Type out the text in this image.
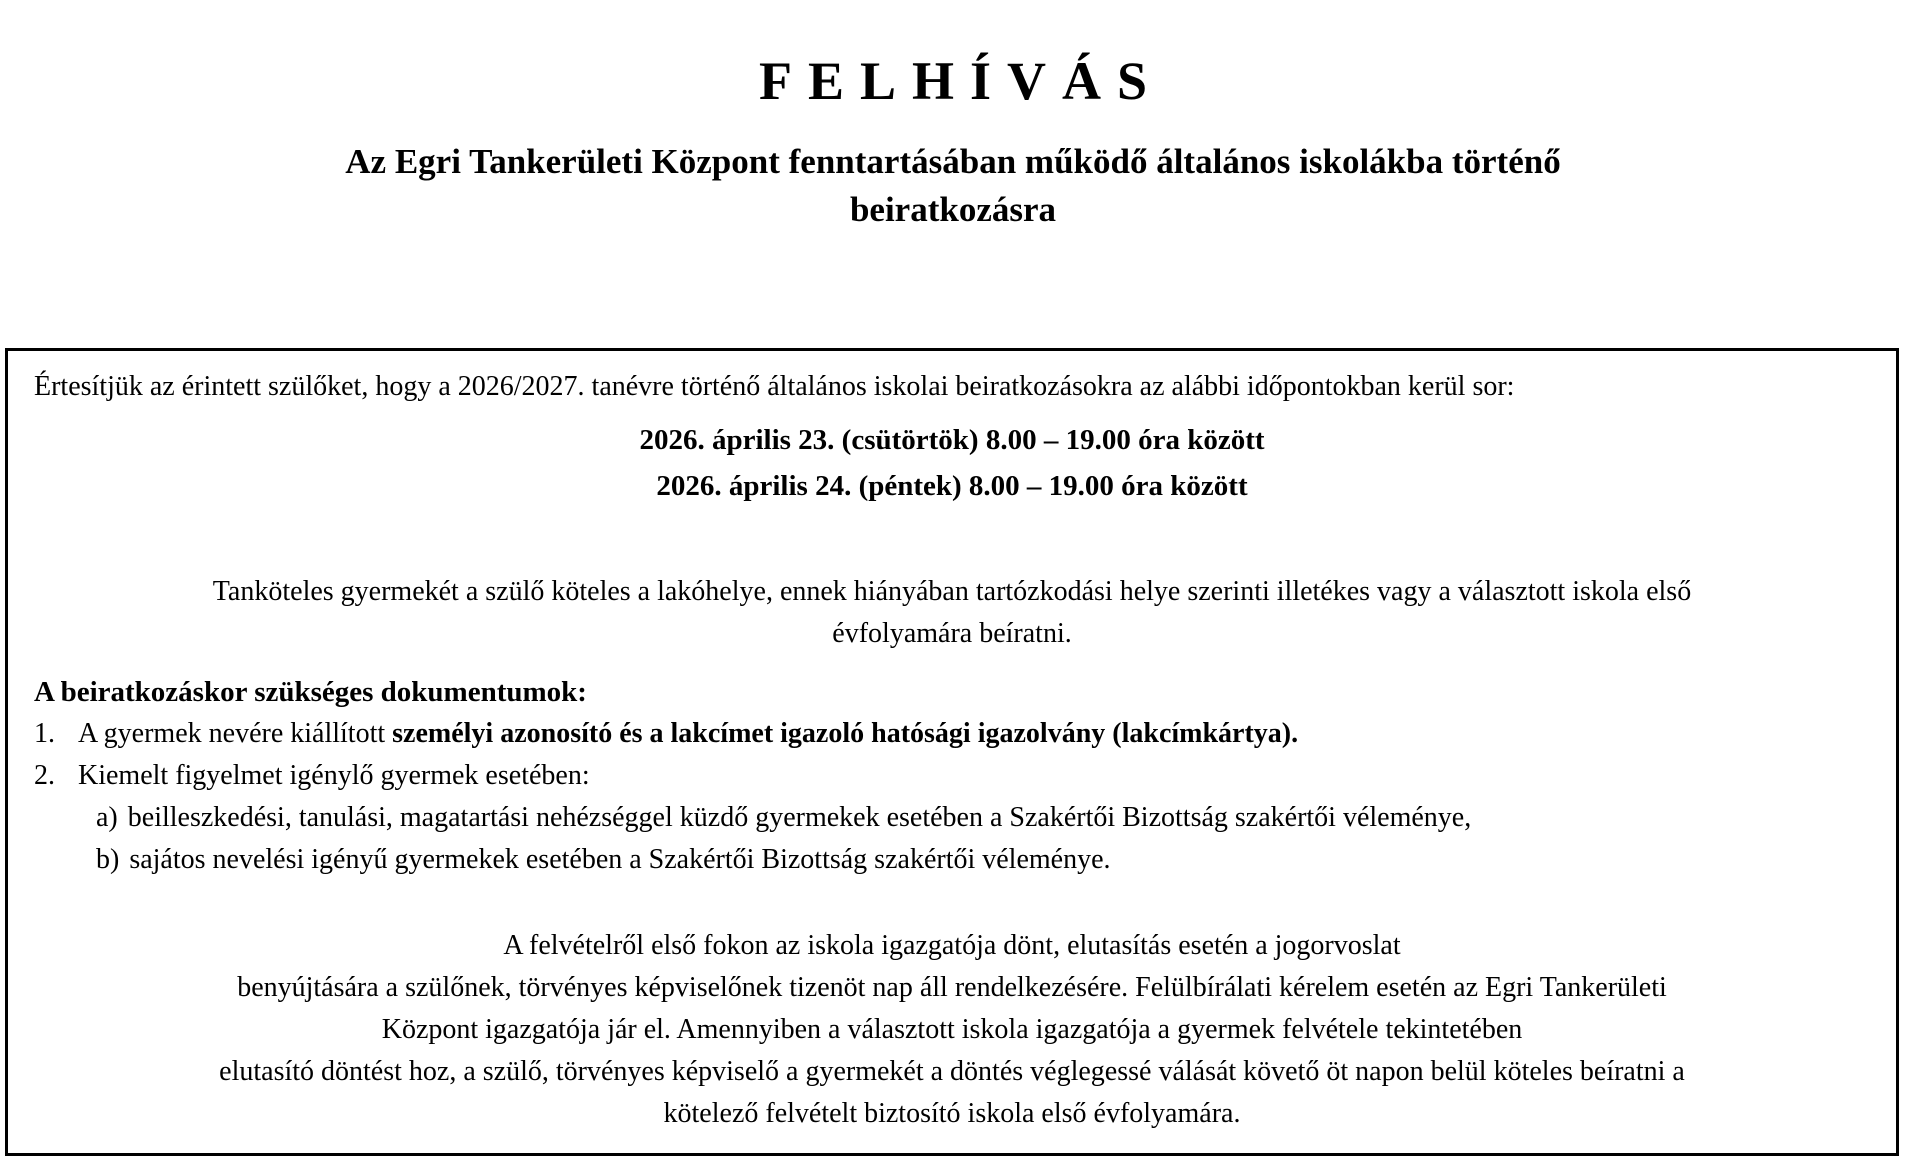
FELHÍVÁS
Az Egri Tankerületi Központ fenntartásában működő általános iskolákba történő
beiratkozásra
Értesítjük az érintett szülőket, hogy a 2026/2027. tanévre történő általános iskolai beiratkozásokra az alábbi időpontokban kerül sor:
2026. április 23. (csütörtök) 8.00 – 19.00 óra között
2026. április 24. (péntek) 8.00 – 19.00 óra között
Tanköteles gyermekét a szülő köteles a lakóhelye, ennek hiányában tartózkodási helye szerinti illetékes vagy a választott iskola első
évfolyamára beíratni.
A beiratkozáskor szükséges dokumentumok:
1. A gyermek nevére kiállított személyi azonosító és a lakcímet igazoló hatósági igazolvány (lakcímkártya).
2. Kiemelt figyelmet igénylő gyermek esetében:
a) beilleszkedési, tanulási, magatartási nehézséggel küzdő gyermekek esetében a Szakértői Bizottság szakértői véleménye,
b) sajátos nevelési igényű gyermekek esetében a Szakértői Bizottság szakértői véleménye.
A felvételről első fokon az iskola igazgatója dönt, elutasítás esetén a jogorvoslat
benyújtására a szülőnek, törvényes képviselőnek tizenöt nap áll rendelkezésére. Felülbírálati kérelem esetén az Egri Tankerületi
Központ igazgatója jár el. Amennyiben a választott iskola igazgatója a gyermek felvétele tekintetében
elutasító döntést hoz, a szülő, törvényes képviselő a gyermekét a döntés véglegessé válását követő öt napon belül köteles beíratni a
kötelező felvételt biztosító iskola első évfolyamára.
